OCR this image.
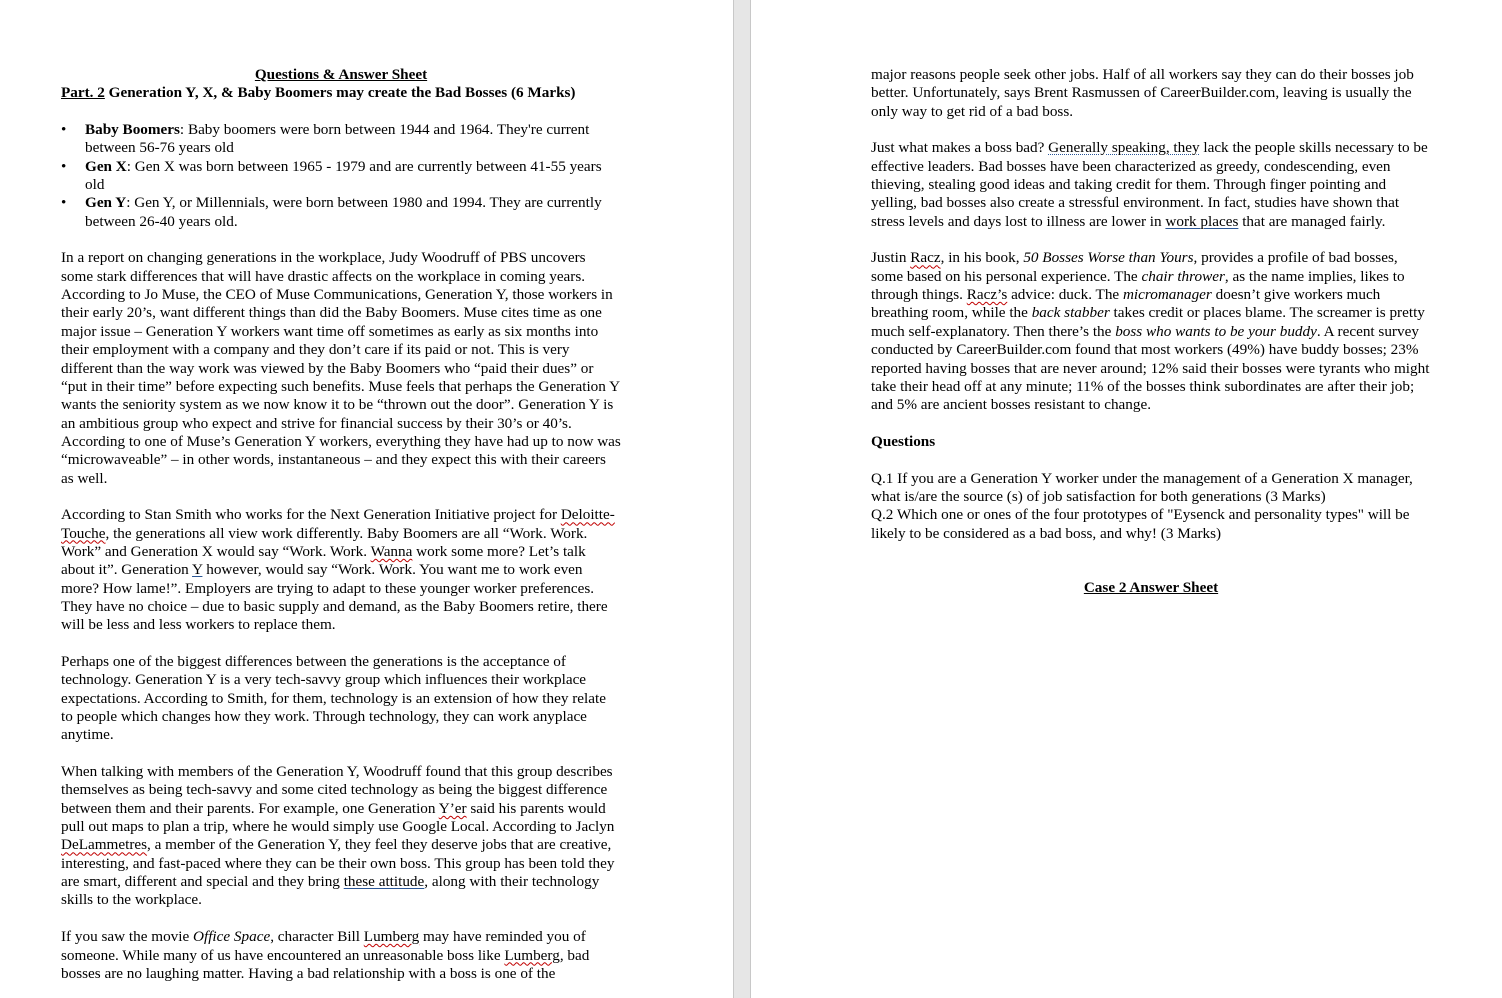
Questions & Answer Sheet
Part. 2 Generation Y, X, & Baby Boomers may create the Bad Bosses (6 Marks)
• Baby Boomers: Baby boomers were born between 1944 and 1964. They're current between 56-76 years old
• Gen X: Gen X was born between 1965 - 1979 and are currently between 41-55 years old
• Gen Y: Gen Y, or Millennials, were born between 1980 and 1994. They are currently between 26-40 years old.

In a report on changing generations in the workplace, Judy Woodruff of PBS uncovers some stark differences that will have drastic affects on the workplace in coming years. According to Jo Muse, the CEO of Muse Communications, Generation Y, those workers in their early 20’s, want different things than did the Baby Boomers. Muse cites time as one major issue – Generation Y workers want time off sometimes as early as six months into their employment with a company and they don’t care if its paid or not. This is very different than the way work was viewed by the Baby Boomers who “paid their dues” or “put in their time” before expecting such benefits. Muse feels that perhaps the Generation Y wants the seniority system as we now know it to be “thrown out the door”. Generation Y is an ambitious group who expect and strive for financial success by their 30’s or 40’s. According to one of Muse’s Generation Y workers, everything they have had up to now was “microwaveable” – in other words, instantaneous – and they expect this with their careers as well.

According to Stan Smith who works for the Next Generation Initiative project for Deloitte-Touche, the generations all view work differently. Baby Boomers are all “Work. Work. Work” and Generation X would say “Work. Work. Wanna work some more? Let’s talk about it”. Generation Y however, would say “Work. Work. You want me to work even more? How lame!”. Employers are trying to adapt to these younger worker preferences. They have no choice – due to basic supply and demand, as the Baby Boomers retire, there will be less and less workers to replace them.

Perhaps one of the biggest differences between the generations is the acceptance of technology. Generation Y is a very tech-savvy group which influences their workplace expectations. According to Smith, for them, technology is an extension of how they relate to people which changes how they work. Through technology, they can work anyplace anytime.

When talking with members of the Generation Y, Woodruff found that this group describes themselves as being tech-savvy and some cited technology as being the biggest difference between them and their parents. For example, one Generation Y’er said his parents would pull out maps to plan a trip, where he would simply use Google Local. According to Jaclyn DeLammetres, a member of the Generation Y, they feel they deserve jobs that are creative, interesting, and fast-paced where they can be their own boss. This group has been told they are smart, different and special and they bring these attitude, along with their technology skills to the workplace.

If you saw the movie Office Space, character Bill Lumberg may have reminded you of someone. While many of us have encountered an unreasonable boss like Lumberg, bad bosses are no laughing matter. Having a bad relationship with a boss is one of the

major reasons people seek other jobs. Half of all workers say they can do their bosses job better. Unfortunately, says Brent Rasmussen of CareerBuilder.com, leaving is usually the only way to get rid of a bad boss.

Just what makes a boss bad? Generally speaking, they lack the people skills necessary to be effective leaders. Bad bosses have been characterized as greedy, condescending, even thieving, stealing good ideas and taking credit for them. Through finger pointing and yelling, bad bosses also create a stressful environment. In fact, studies have shown that stress levels and days lost to illness are lower in work places that are managed fairly.

Justin Racz, in his book, 50 Bosses Worse than Yours, provides a profile of bad bosses, some based on his personal experience. The chair thrower, as the name implies, likes to through things. Racz’s advice: duck. The micromanager doesn’t give workers much breathing room, while the back stabber takes credit or places blame. The screamer is pretty much self-explanatory. Then there’s the boss who wants to be your buddy. A recent survey conducted by CareerBuilder.com found that most workers (49%) have buddy bosses; 23% reported having bosses that are never around; 12% said their bosses were tyrants who might take their head off at any minute; 11% of the bosses think subordinates are after their job; and 5% are ancient bosses resistant to change.

Questions

Q.1 If you are a Generation Y worker under the management of a Generation X manager, what is/are the source (s) of job satisfaction for both generations (3 Marks)

Q.2 Which one or ones of the four prototypes of "Eysenck and personality types" will be likely to be considered as a bad boss, and why! (3 Marks)

Case 2 Answer Sheet
